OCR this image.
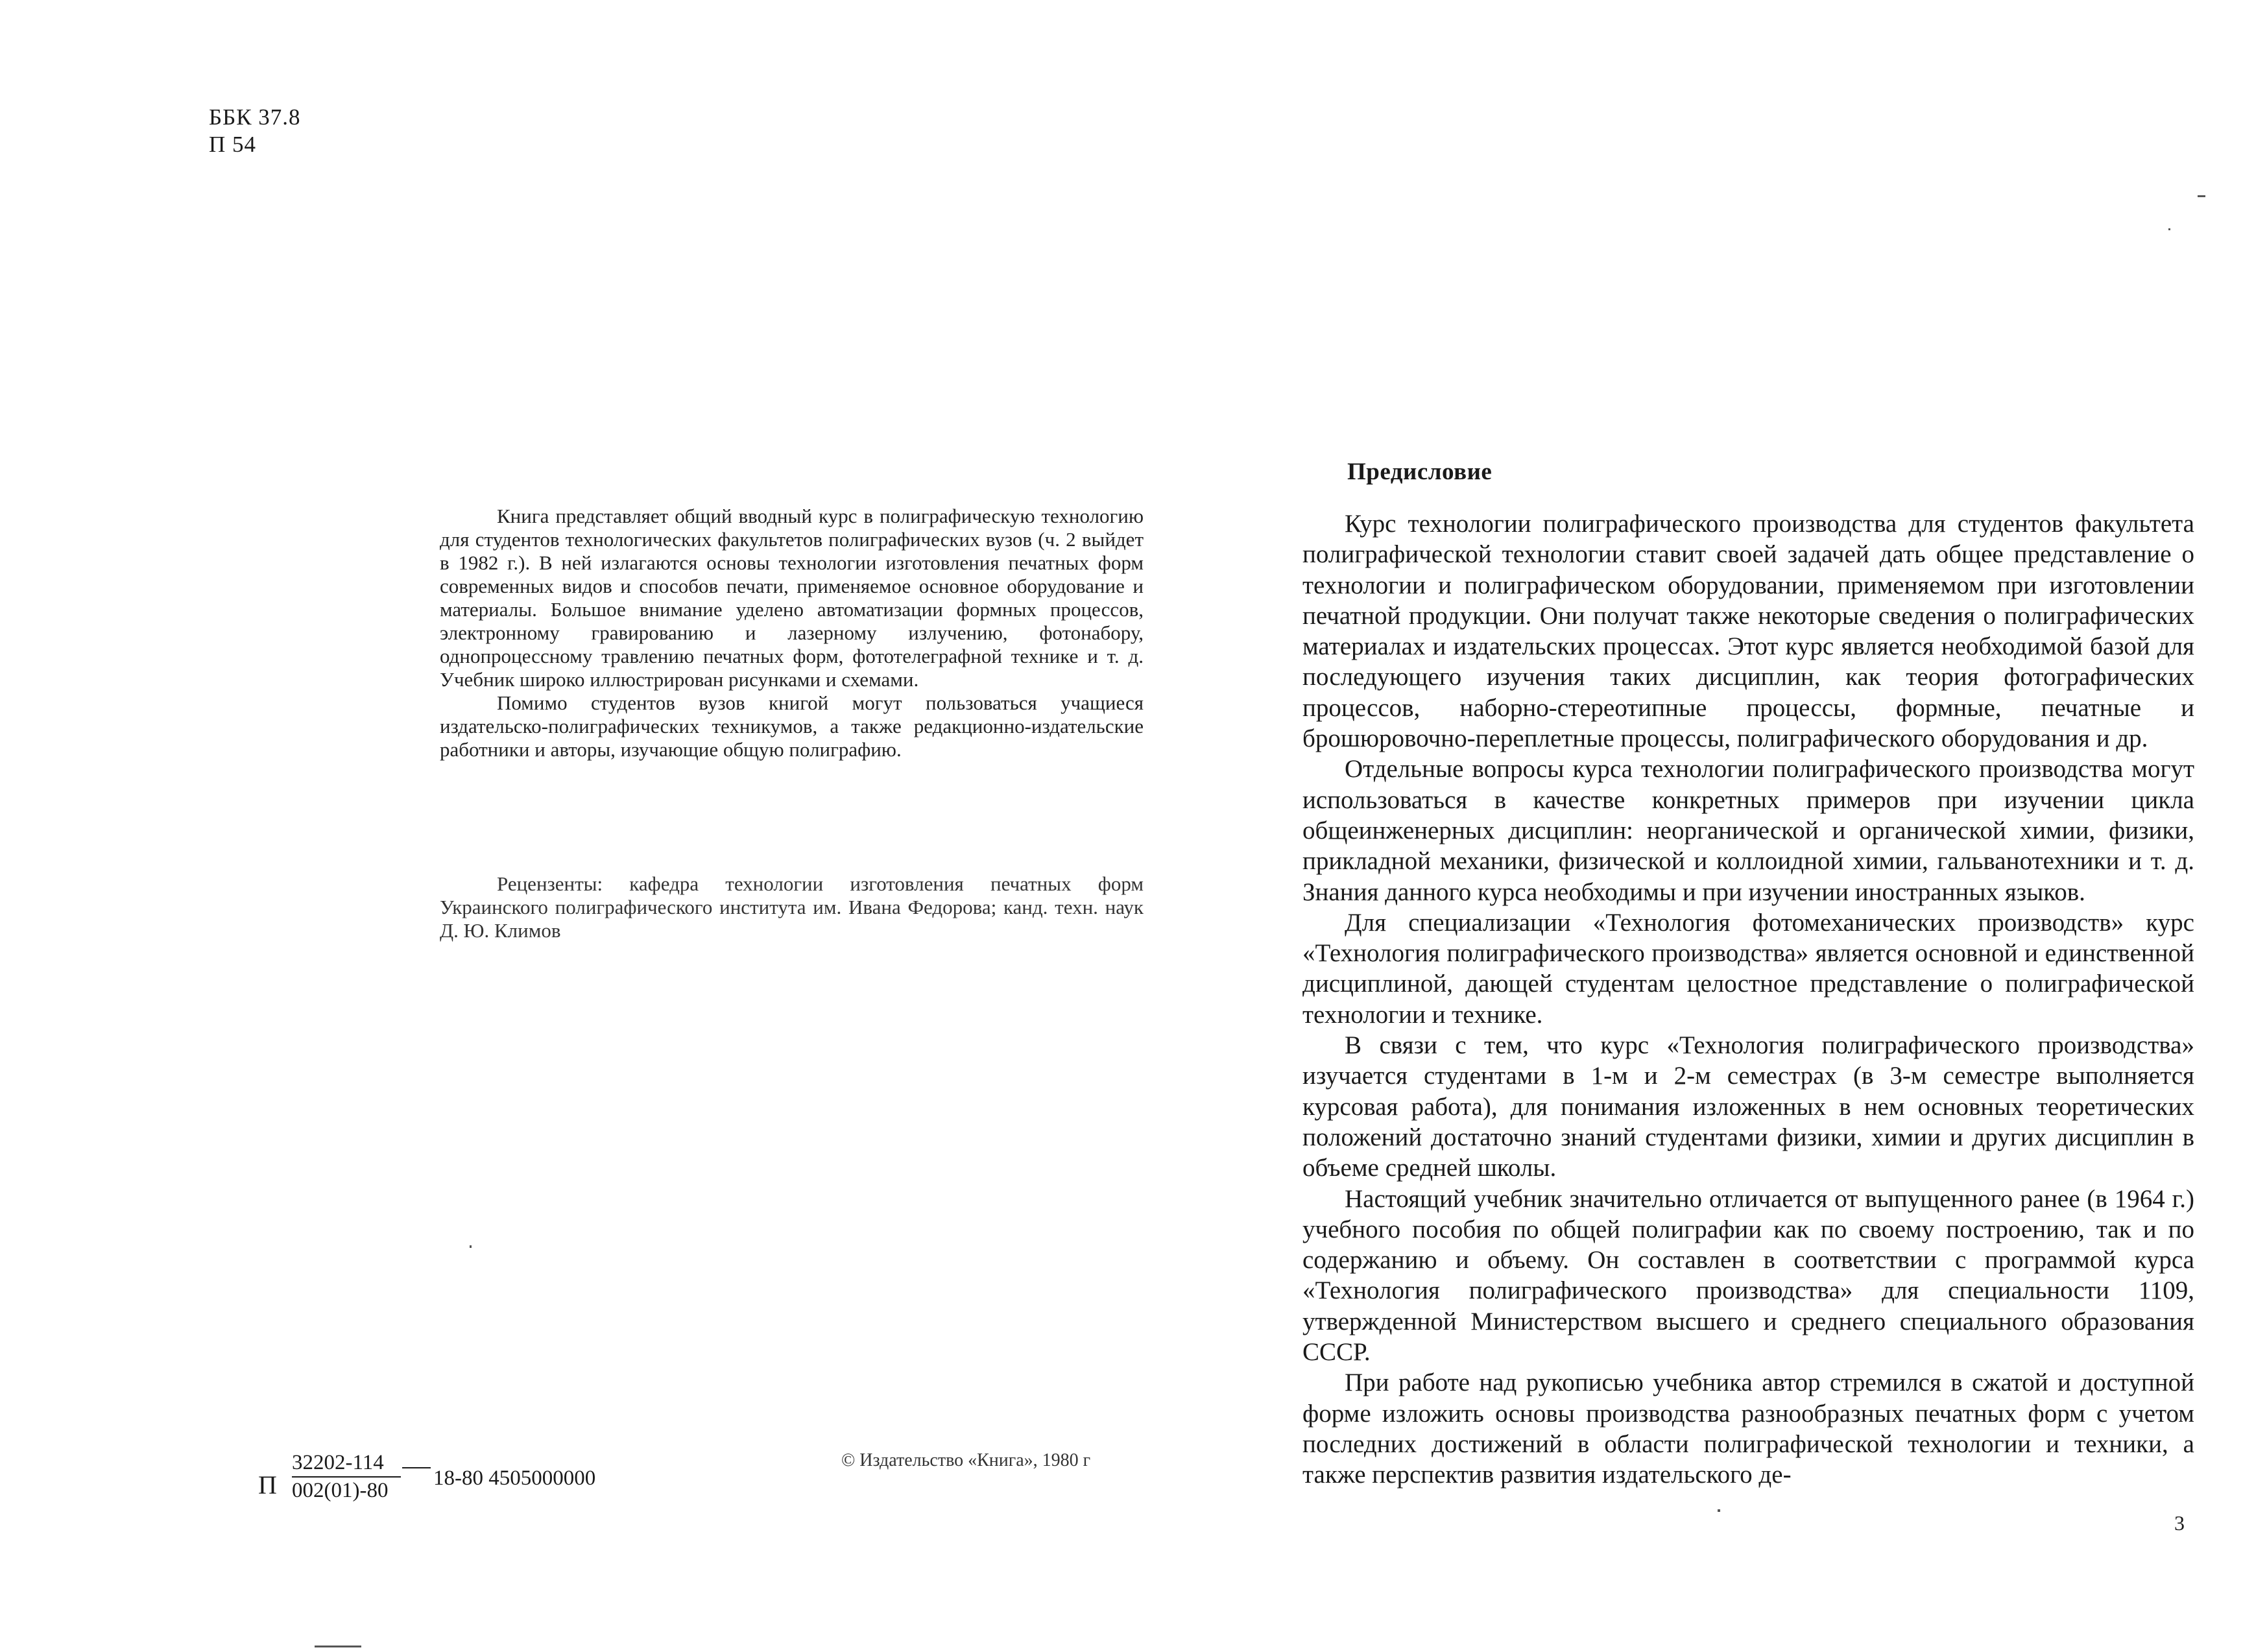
ББК 37.8
П 54

Книга представляет общий вводный курс в полиграфическую технологию для студентов технологических факультетов полиграфических вузов (ч. 2 выйдет в 1982 г.). В ней излагаются основы технологии изготовления печатных форм современных видов и способов печати, применяемое основное оборудование и материалы. Большое внимание уделено автоматизации формных процессов, электронному гравированию и лазерному излучению, фотонабору, однопроцессному травлению печатных форм, фототелеграфной технике и т. д. Учебник широко иллюстрирован рисунками и схемами.

Помимо студентов вузов книгой могут пользоваться учащиеся издательско-полиграфических техникумов, а также редакционно-издательские работники и авторы, изучающие общую полиграфию.

Рецензенты: кафедра технологии изготовления печатных форм Украинского полиграфического института им. Ивана Федорова; канд. техн. наук Д. Ю. Климов
П $\frac{32202-114}{002(01)-80} 18-80$ 4505000000
© Издательство «Книга», 1980 г
Предисловие

Курс технологии полиграфического производства для студентов факультета полиграфической технологии ставит своей задачей дать общее представление о технологии и полиграфическом оборудовании, применяемом при изготовлении печатной продукции. Они получат также некоторые сведения о полиграфических материалах и издательских процессах. Этот курс является необходимой базой для последующего изучения таких дисциплин, как теория фотографических процессов, наборно-стереотипные процессы, формные, печатные и брошюровочно-переплетные процессы, полиграфического оборудования и др.

Отдельные вопросы курса технологии полиграфического производства могут использоваться в качестве конкретных примеров при изучении цикла общеинженерных дисциплин: неорганической и органической химии, физики, прикладной механики, физической и коллоидной химии, гальванотехники и т. д. Знания данного курса необходимы и при изучении иностранных языков.

Для специализации «Технология фотомеханических производств» курс «Технология полиграфического производства» является основной и единственной дисциплиной, дающей студентам целостное представление о полиграфической технологии и технике.

В связи с тем, что курс «Технология полиграфического производства» изучается студентами в 1-м и 2-м семестрах (в 3-м семестре выполняется курсовая работа), для понимания изложенных в нем основных теоретических положений достаточно знаний студентами физики, химии и других дисциплин в объеме средней школы.

Настоящий учебник значительно отличается от выпущенного ранее (в 1964 г.) учебного пособия по общей полиграфии как по своему построению, так и по содержанию и объему. Он составлен в соответствии с программой курса «Технология полиграфического производства» для специальности 1109, утвержденной Министерством высшего и среднего специального образования СССР.

При работе над рукописью учебника автор стремился в сжатой и доступной форме изложить основы производства разнообразных печатных форм с учетом последних достижений в области полиграфической технологии и техники, а также перспектив развития издательского де-

3
